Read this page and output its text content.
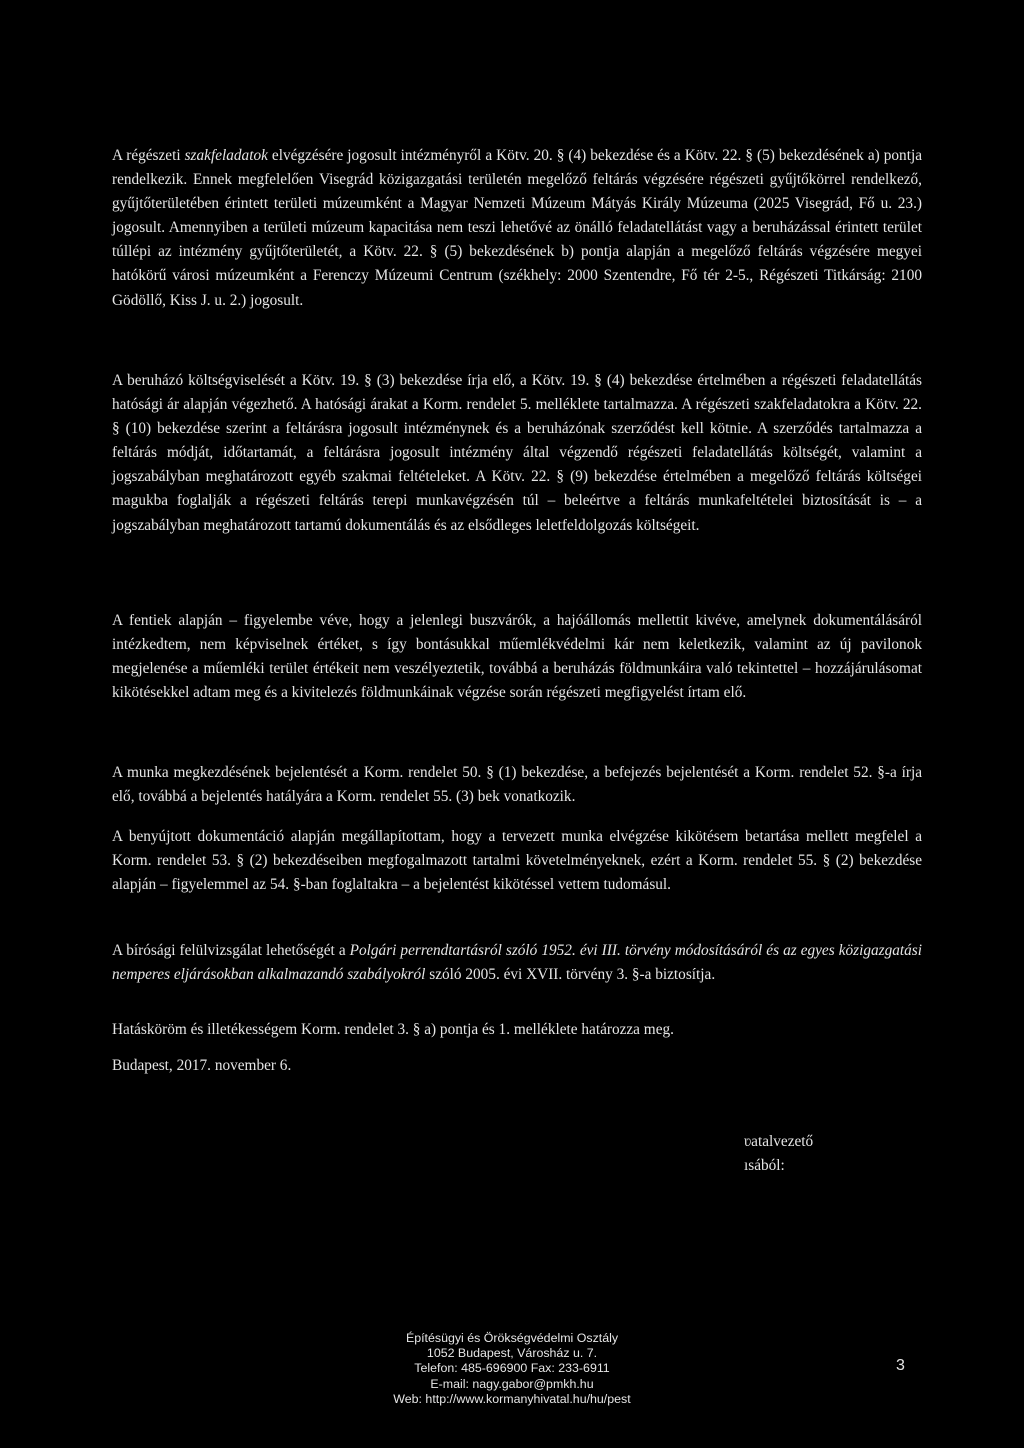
A régészeti szakfeladatok elvégzésére jogosult intézményről a Kötv. 20. § (4) bekezdése és a Kötv. 22. § (5) bekezdésének a) pontja rendelkezik. Ennek megfelelően Visegrád közigazgatási területén megelőző feltárás végzésére régészeti gyűjtőkörrel rendelkező, gyűjtőterületében érintett területi múzeumként a Magyar Nemzeti Múzeum Mátyás Király Múzeuma (2025 Visegrád, Fő u. 23.) jogosult. Amennyiben a területi múzeum kapacitása nem teszi lehetővé az önálló feladatellátást vagy a beruházással érintett terület túllépi az intézmény gyűjtőterületét, a Kötv. 22. § (5) bekezdésének b) pontja alapján a megelőző feltárás végzésére megyei hatókörű városi múzeumként a Ferenczy Múzeumi Centrum (székhely: 2000 Szentendre, Fő tér 2-5., Régészeti Titkárság: 2100 Gödöllő, Kiss J. u. 2.) jogosult.

A beruházó költségviselését a Kötv. 19. § (3) bekezdése írja elő, a Kötv. 19. § (4) bekezdése értelmében a régészeti feladatellátás hatósági ár alapján végezhető. A hatósági árakat a Korm. rendelet 5. melléklete tartalmazza. A régészeti szakfeladatokra a Kötv. 22. § (10) bekezdése szerint a feltárásra jogosult intézménynek és a beruházónak szerződést kell kötnie. A szerződés tartalmazza a feltárás módját, időtartamát, a feltárásra jogosult intézmény által végzendő régészeti feladatellátás költségét, valamint a jogszabályban meghatározott egyéb szakmai feltételeket. A Kötv. 22. § (9) bekezdése értelmében a megelőző feltárás költségei magukba foglalják a régészeti feltárás terepi munkavégzésén túl – beleértve a feltárás munkafeltételei biztosítását is – a jogszabályban meghatározott tartamú dokumentálás és az elsődleges leletfeldolgozás költségeit.

A fentiek alapján – figyelembe véve, hogy a jelenlegi buszvárók, a hajóállomás mellettit kivéve, amelynek dokumentálásáról intézkedtem, nem képviselnek értéket, s így bontásukkal műemlékvédelmi kár nem keletkezik, valamint az új pavilonok megjelenése a műemléki terület értékeit nem veszélyeztetik, továbbá a beruházás földmunkáira való tekintettel – hozzájárulásomat kikötésekkel adtam meg és a kivitelezés földmunkáinak végzése során régészeti megfigyelést írtam elő.

A munka megkezdésének bejelentését a Korm. rendelet 50. § (1) bekezdése, a befejezés bejelentését a Korm. rendelet 52. §-a írja elő, továbbá a bejelentés hatályára a Korm. rendelet 55. (3) bek vonatkozik.

A benyújtott dokumentáció alapján megállapítottam, hogy a tervezett munka elvégzése kikötésem betartása mellett megfelel a Korm. rendelet 53. § (2) bekezdéseiben megfogalmazott tartalmi követelményeknek, ezért a Korm. rendelet 55. § (2) bekezdése alapján – figyelemmel az 54. §-ban foglaltakra – a bejelentést kikötéssel vettem tudomásul.

A bírósági felülvizsgálat lehetőségét a Polgári perrendtartásról szóló 1952. évi III. törvény módosításáról és az egyes közigazgatási nemperes eljárásokban alkalmazandó szabályokról szóló 2005. évi XVII. törvény 3. §-a biztosítja.

Hatásköröm és illetékességem Korm. rendelet 3. § a) pontja és 1. melléklete határozza meg.

Budapest, 2017. november 6.

ʋatalvezető

ısából:

Építésügyi és Örökségvédelmi Osztály
1052 Budapest, Városház u. 7.
Telefon: 485-696900 Fax: 233-6911
E-mail: nagy.gabor@pmkh.hu
Web: http://www.kormanyhivatal.hu/hu/pest
3
